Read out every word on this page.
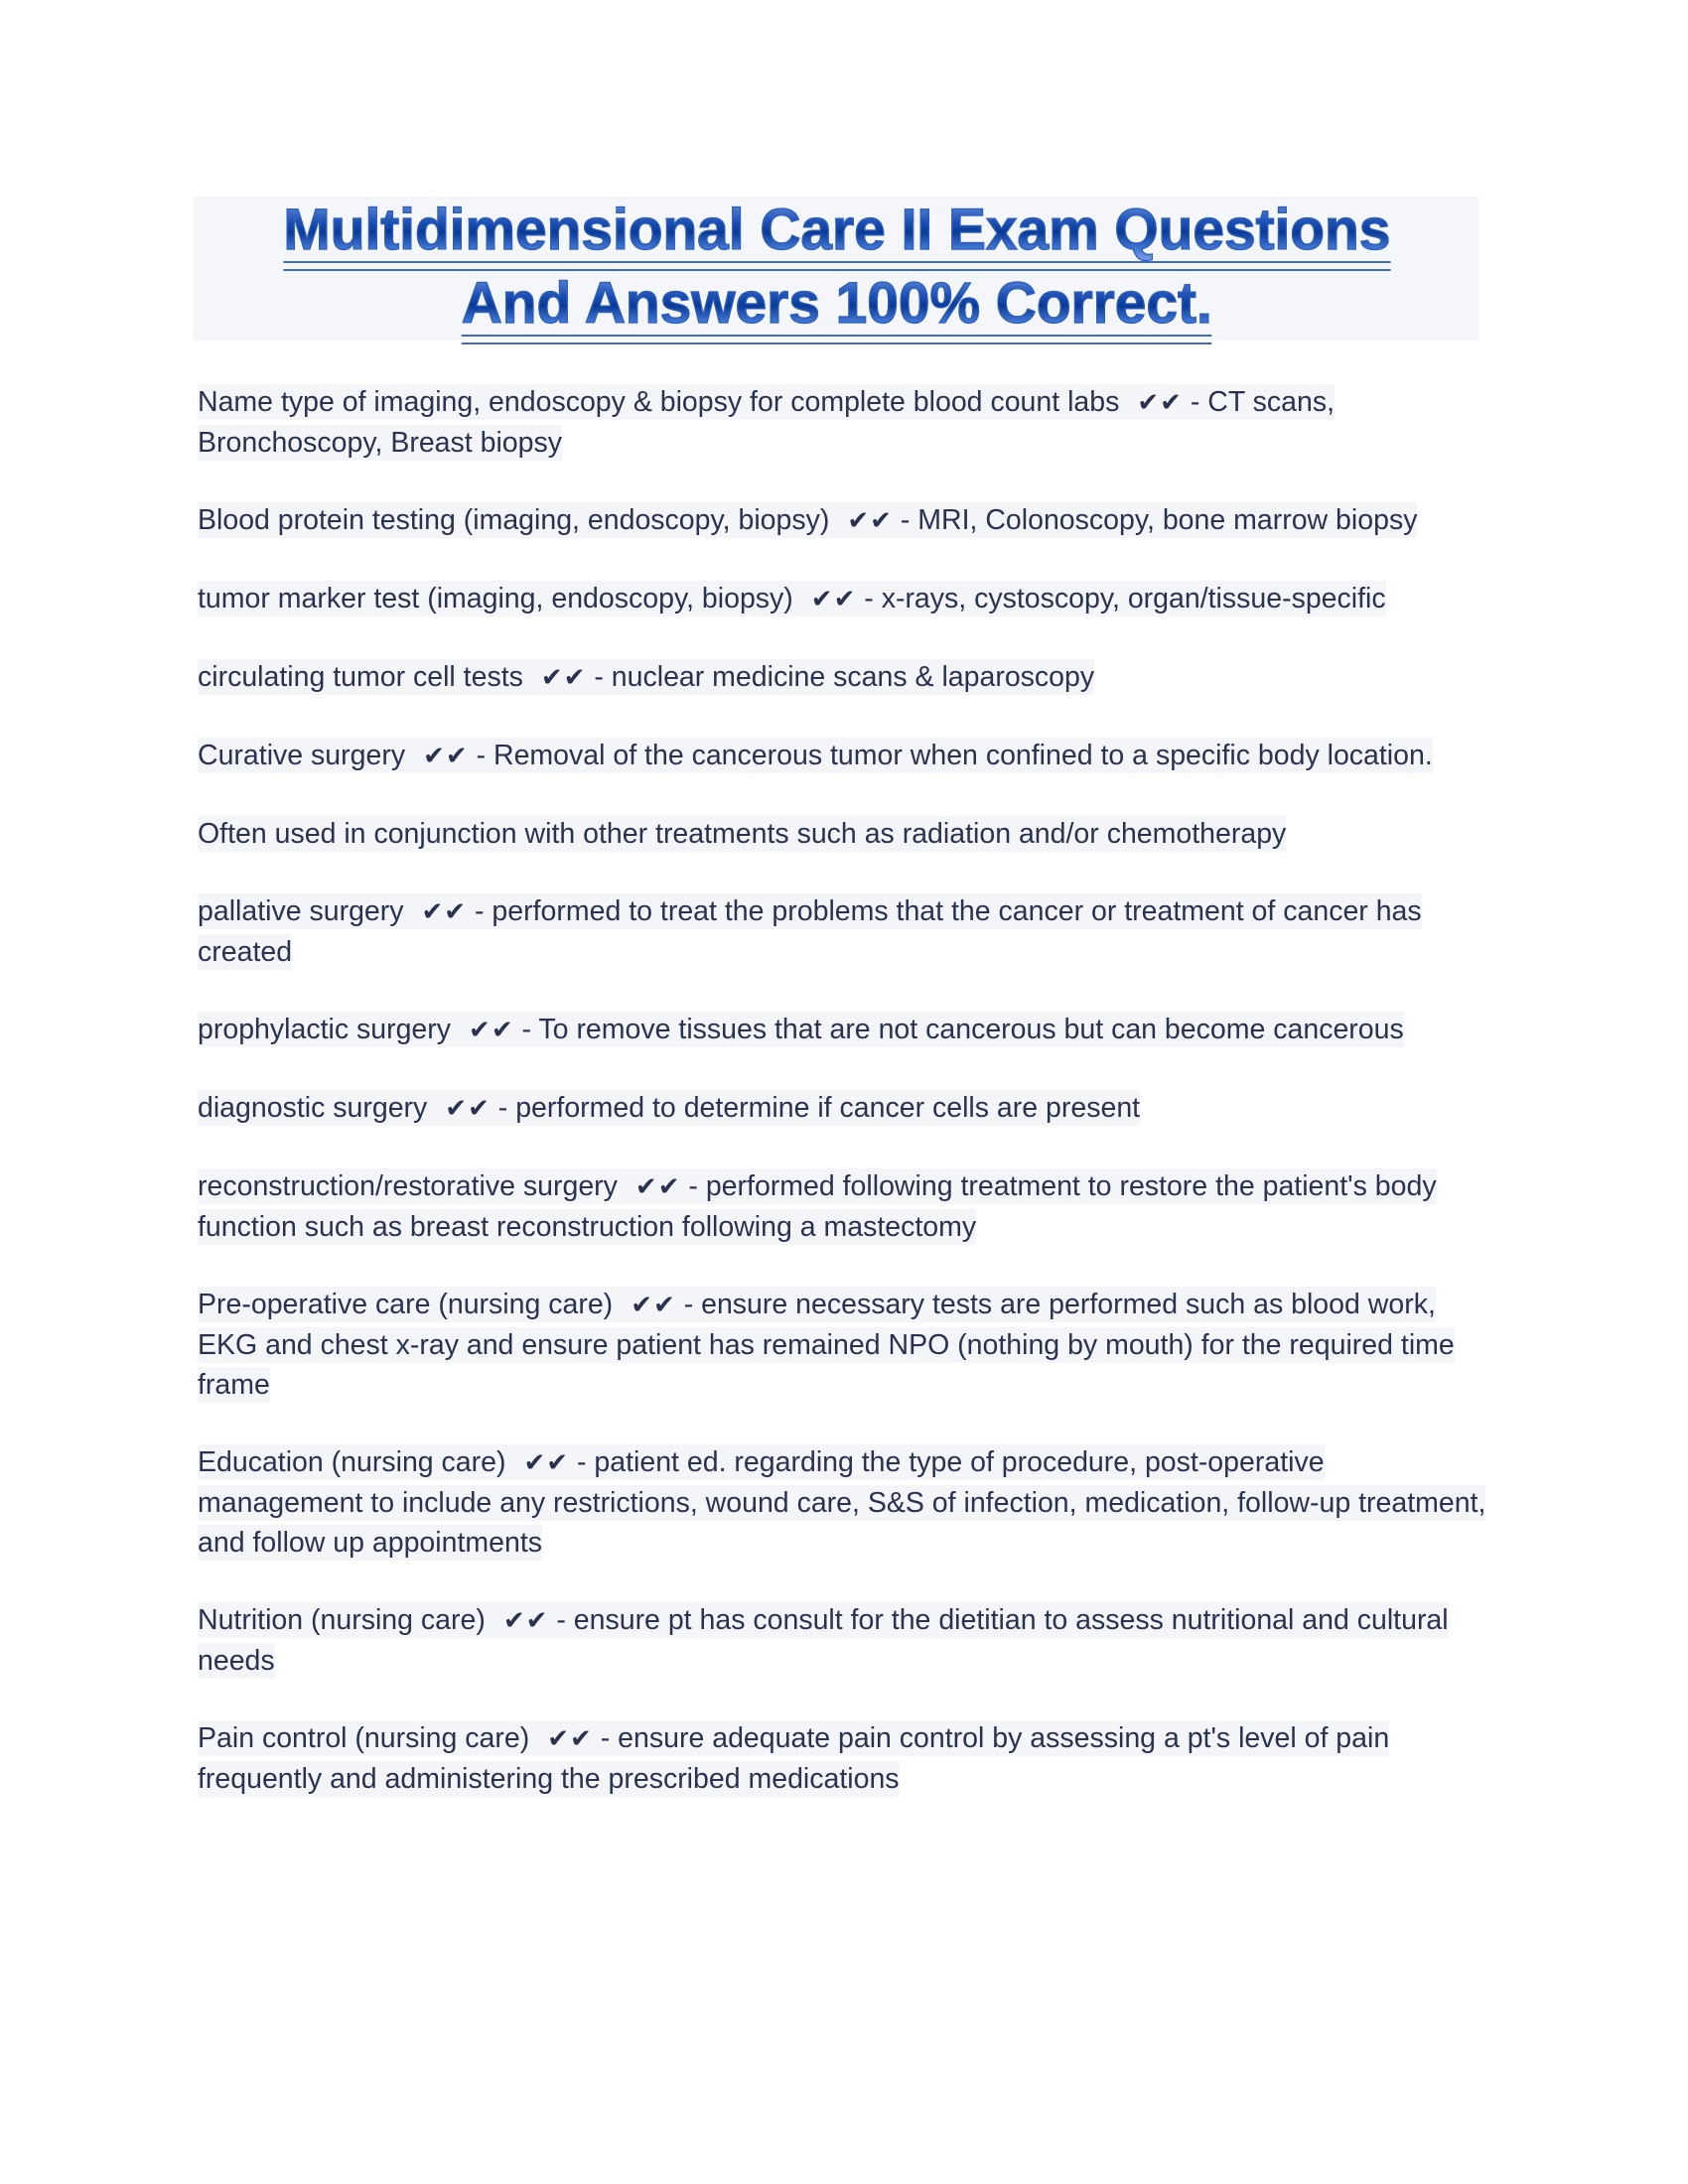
Multidimensional Care II Exam Questions
And Answers 100% Correct.

Name type of imaging, endoscopy & biopsy for complete blood count labs ✔✔ - CT scans, Bronchoscopy, Breast biopsy

Blood protein testing (imaging, endoscopy, biopsy) ✔✔ - MRI, Colonoscopy, bone marrow biopsy

tumor marker test (imaging, endoscopy, biopsy) ✔✔ - x-rays, cystoscopy, organ/tissue-specific

circulating tumor cell tests ✔✔ - nuclear medicine scans & laparoscopy

Curative surgery ✔✔ - Removal of the cancerous tumor when confined to a specific body location.

Often used in conjunction with other treatments such as radiation and/or chemotherapy

pallative surgery ✔✔ - performed to treat the problems that the cancer or treatment of cancer has created

prophylactic surgery ✔✔ - To remove tissues that are not cancerous but can become cancerous

diagnostic surgery ✔✔ - performed to determine if cancer cells are present

reconstruction/restorative surgery ✔✔ - performed following treatment to restore the patient's body function such as breast reconstruction following a mastectomy

Pre-operative care (nursing care) ✔✔ - ensure necessary tests are performed such as blood work, EKG and chest x-ray and ensure patient has remained NPO (nothing by mouth) for the required time frame

Education (nursing care) ✔✔ - patient ed. regarding the type of procedure, post-operative management to include any restrictions, wound care, S&S of infection, medication, follow-up treatment, and follow up appointments

Nutrition (nursing care) ✔✔ - ensure pt has consult for the dietitian to assess nutritional and cultural needs

Pain control (nursing care) ✔✔ - ensure adequate pain control by assessing a pt's level of pain frequently and administering the prescribed medications
